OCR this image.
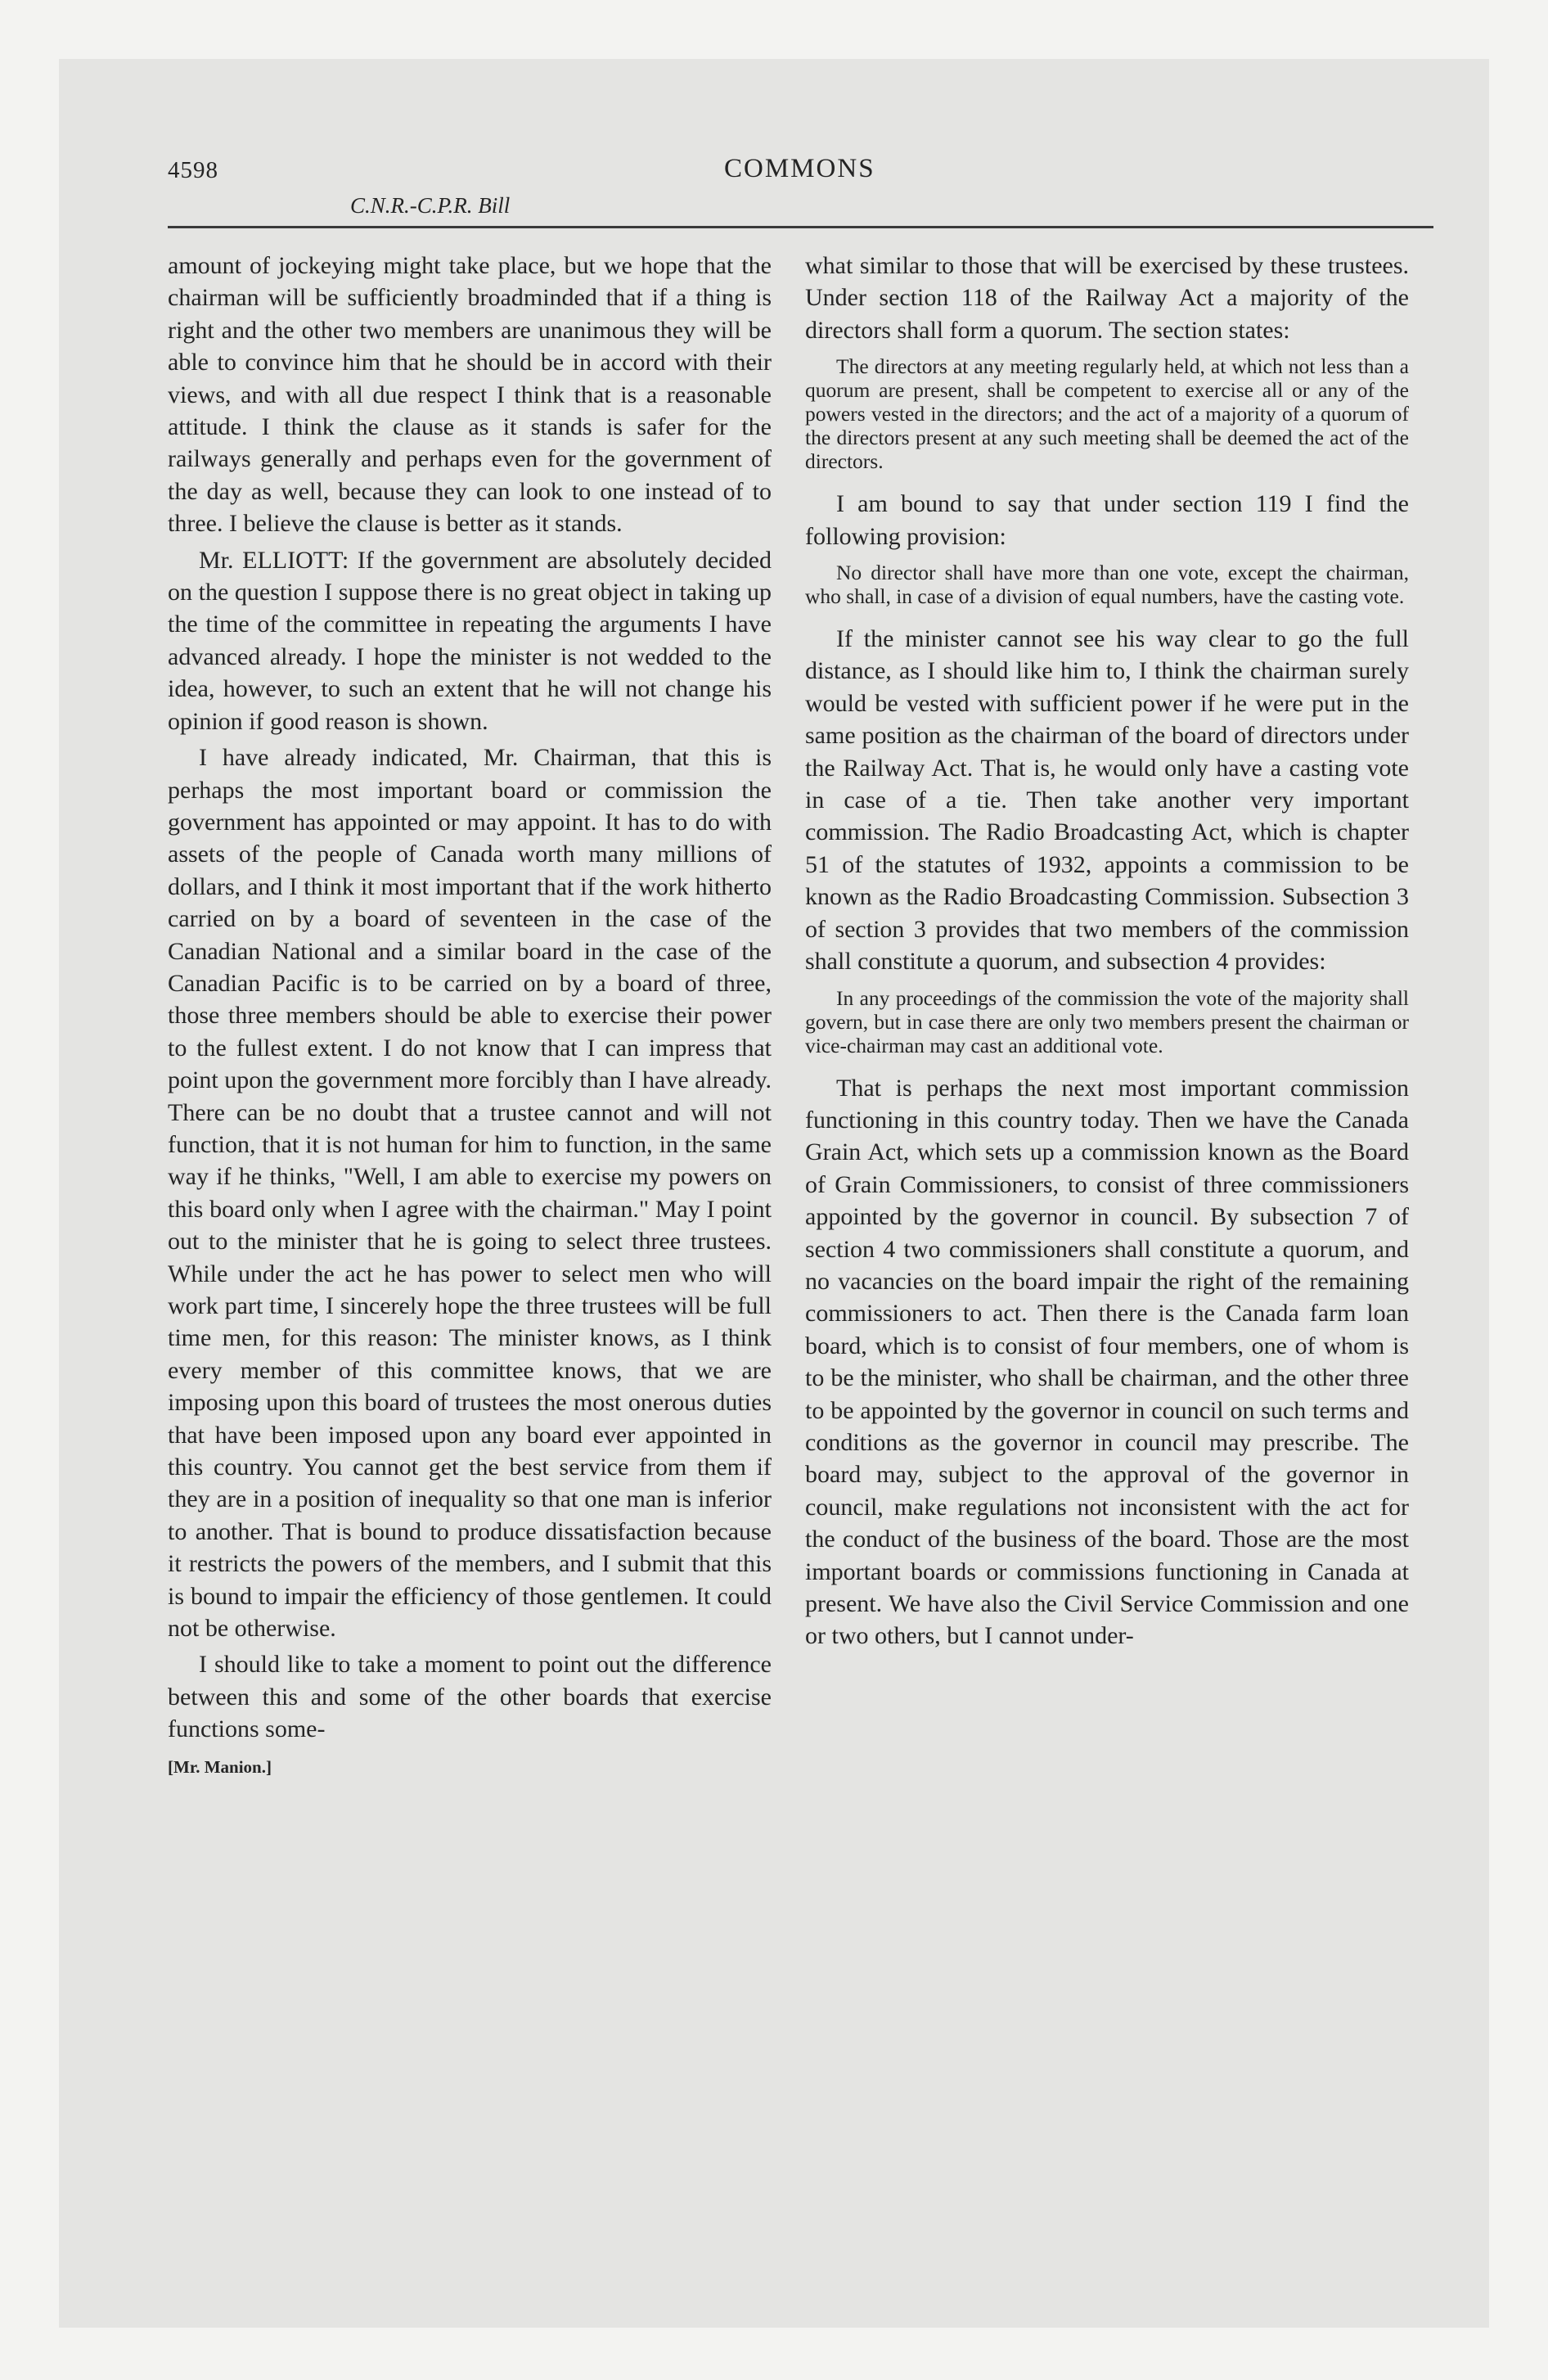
4598	COMMONS
C.N.R.-C.P.R. Bill

amount of jockeying might take place, but we hope that the chairman will be sufficiently broadminded that if a thing is right and the other two members are unanimous they will be able to convince him that he should be in accord with their views, and with all due respect I think that is a reasonable attitude. I think the clause as it stands is safer for the railways generally and perhaps even for the government of the day as well, because they can look to one instead of to three. I believe the clause is better as it stands.

Mr. ELLIOTT: If the government are absolutely decided on the question I suppose there is no great object in taking up the time of the committee in repeating the arguments I have advanced already. I hope the minister is not wedded to the idea, however, to such an extent that he will not change his opinion if good reason is shown.

I have already indicated, Mr. Chairman, that this is perhaps the most important board or commission the government has appointed or may appoint. It has to do with assets of the people of Canada worth many millions of dollars, and I think it most important that if the work hitherto carried on by a board of seventeen in the case of the Canadian National and a similar board in the case of the Canadian Pacific is to be carried on by a board of three, those three members should be able to exercise their power to the fullest extent. I do not know that I can impress that point upon the government more forcibly than I have already. There can be no doubt that a trustee cannot and will not function, that it is not human for him to function, in the same way if he thinks, "Well, I am able to exercise my powers on this board only when I agree with the chairman." May I point out to the minister that he is going to select three trustees. While under the act he has power to select men who will work part time, I sincerely hope the three trustees will be full time men, for this reason: The minister knows, as I think every member of this committee knows, that we are imposing upon this board of trustees the most onerous duties that have been imposed upon any board ever appointed in this country. You cannot get the best service from them if they are in a position of inequality so that one man is inferior to another. That is bound to produce dissatisfaction because it restricts the powers of the members, and I submit that this is bound to impair the efficiency of those gentlemen. It could not be otherwise.

I should like to take a moment to point out the difference between this and some of the other boards that exercise functions some-

[Mr. Manion.]

what similar to those that will be exercised by these trustees. Under section 118 of the Railway Act a majority of the directors shall form a quorum. The section states:

The directors at any meeting regularly held, at which not less than a quorum are present, shall be competent to exercise all or any of the powers vested in the directors; and the act of a majority of a quorum of the directors present at any such meeting shall be deemed the act of the directors.

I am bound to say that under section 119 I find the following provision:

No director shall have more than one vote, except the chairman, who shall, in case of a division of equal numbers, have the casting vote.

If the minister cannot see his way clear to go the full distance, as I should like him to, I think the chairman surely would be vested with sufficient power if he were put in the same position as the chairman of the board of directors under the Railway Act. That is, he would only have a casting vote in case of a tie. Then take another very important commission. The Radio Broadcasting Act, which is chapter 51 of the statutes of 1932, appoints a commission to be known as the Radio Broadcasting Commission. Subsection 3 of section 3 provides that two members of the commission shall constitute a quorum, and subsection 4 provides:

In any proceedings of the commission the vote of the majority shall govern, but in case there are only two members present the chairman or vice-chairman may cast an additional vote.

That is perhaps the next most important commission functioning in this country today. Then we have the Canada Grain Act, which sets up a commission known as the Board of Grain Commissioners, to consist of three commissioners appointed by the governor in council. By subsection 7 of section 4 two commissioners shall constitute a quorum, and no vacancies on the board impair the right of the remaining commissioners to act. Then there is the Canada farm loan board, which is to consist of four members, one of whom is to be the minister, who shall be chairman, and the other three to be appointed by the governor in council on such terms and conditions as the governor in council may prescribe. The board may, subject to the approval of the governor in council, make regulations not inconsistent with the act for the conduct of the business of the board. Those are the most important boards or commissions functioning in Canada at present. We have also the Civil Service Commission and one or two others, but I cannot under-
